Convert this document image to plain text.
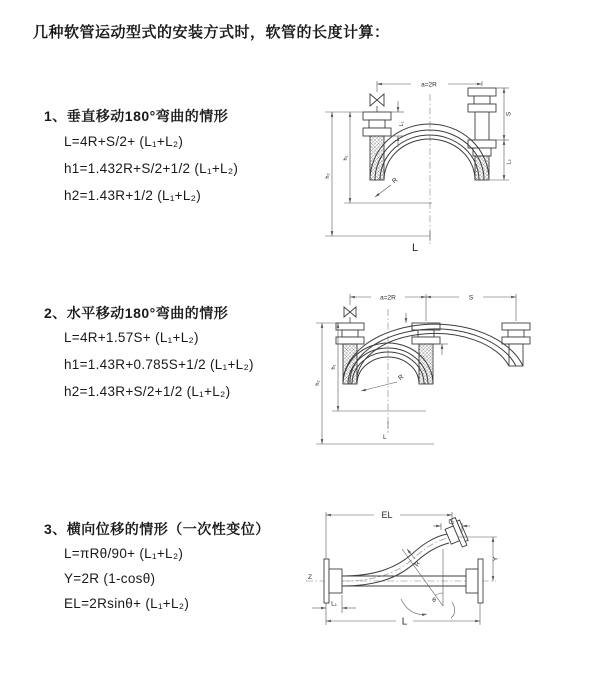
几种软管运动型式的安装方式时，软管的长度计算：
1、垂直移动180°弯曲的情形
L=4R+S/2+ (L₁+L₂)
h1=1.432R+S/2+1/2 (L₁+L₂)
h2=1.43R+1/2 (L₁+L₂)
2、水平移动180°弯曲的情形
L=4R+1.57S+ (L₁+L₂)
h1=1.43R+0.785S+1/2 (L₁+L₂)
h2=1.43R+S/2+1/2 (L₁+L₂)
3、横向位移的情形（一次性变位）
L=πRθ/90+ (L₁+L₂)
Y=2R (1-cosθ)
EL=2Rsinθ+ (L₁+L₂)
a=2R
S
L₂
h₁
h₂
L₁
R
L
a=2R	S
h₁
h₂
R
L
Z
EL
L₂
Y
R
θ
L₁
L
